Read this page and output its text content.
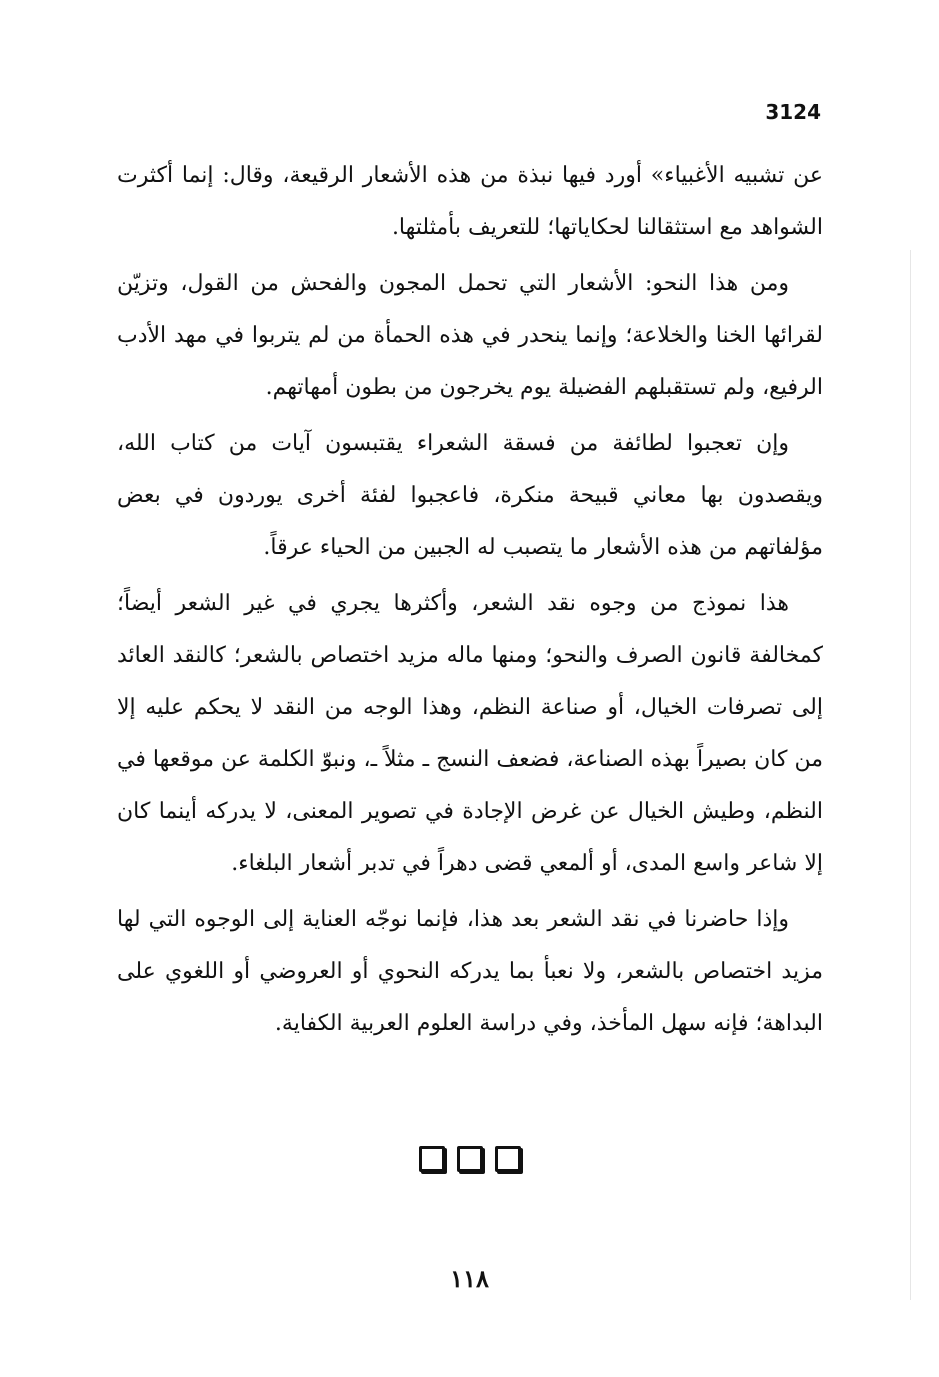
3124

عن تشبيه الأغبياء» أورد فيها نبذة من هذه الأشعار الرقيعة، وقال: إنما أكثرت الشواهد مع استثقالنا لحكاياتها؛ للتعريف بأمثلتها.

ومن هذا النحو: الأشعار التي تحمل المجون والفحش من القول، وتزيّن لقرائها الخنا والخلاعة؛ وإنما ينحدر في هذه الحمأة من لم يتربوا في مهد الأدب الرفيع، ولم تستقبلهم الفضيلة يوم يخرجون من بطون أمهاتهم.

وإن تعجبوا لطائفة من فسقة الشعراء يقتبسون آيات من كتاب الله، ويقصدون بها معاني قبيحة منكرة، فاعجبوا لفئة أخرى يوردون في بعض مؤلفاتهم من هذه الأشعار ما يتصبب له الجبين من الحياء عرقاً.

هذا نموذج من وجوه نقد الشعر، وأكثرها يجري في غير الشعر أيضاً؛ كمخالفة قانون الصرف والنحو؛ ومنها ماله مزيد اختصاص بالشعر؛ كالنقد العائد إلى تصرفات الخيال، أو صناعة النظم، وهذا الوجه من النقد لا يحكم عليه إلا من كان بصيراً بهذه الصناعة، فضعف النسج ـ مثلاً ـ، ونبوّ الكلمة عن موقعها في النظم، وطيش الخيال عن غرض الإجادة في تصوير المعنى، لا يدركه أينما كان إلا شاعر واسع المدى، أو ألمعي قضى دهراً في تدبر أشعار البلغاء.

وإذا حاضرنا في نقد الشعر بعد هذا، فإنما نوجّه العناية إلى الوجوه التي لها مزيد اختصاص بالشعر، ولا نعبأ بما يدركه النحوي أو العروضي أو اللغوي على البداهة؛ فإنه سهل المأخذ، وفي دراسة العلوم العربية الكفاية.

١١٨
